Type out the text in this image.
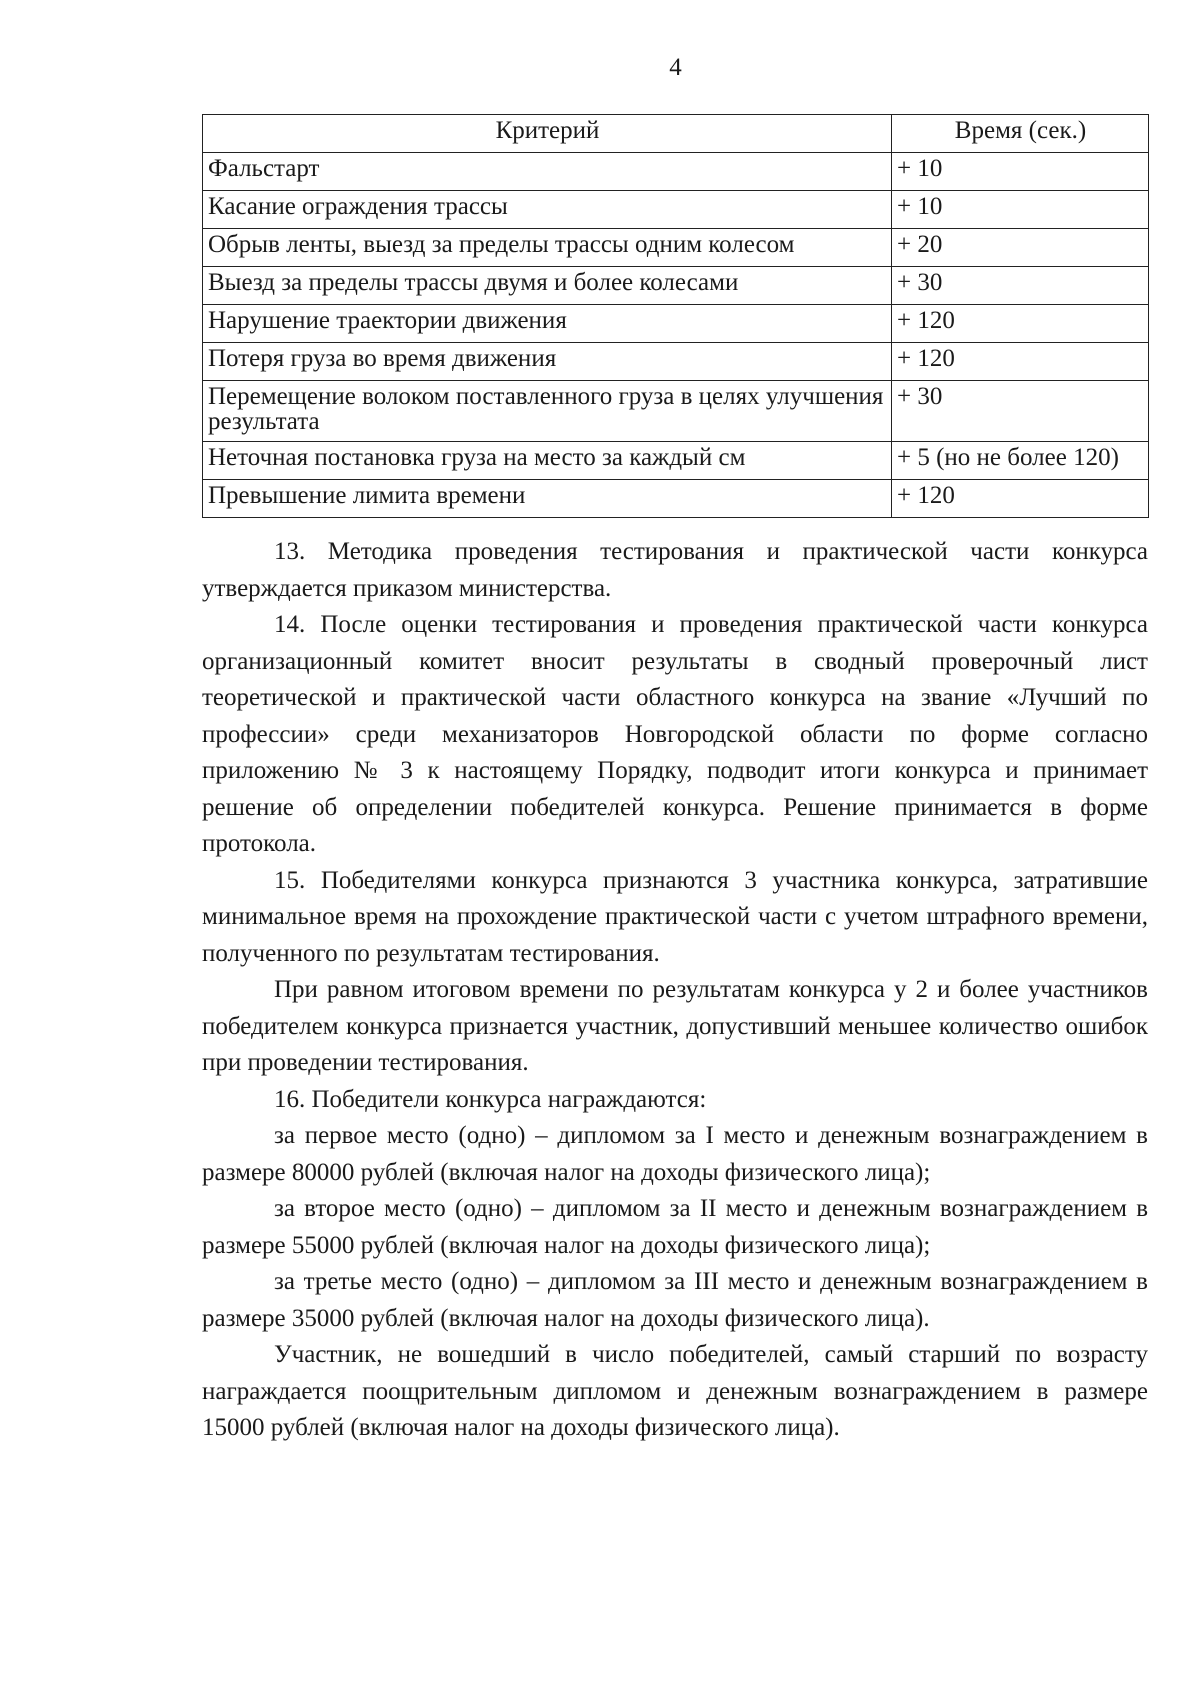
4
Критерий	Время (сек.)
Фальстарт	+ 10
Касание ограждения трассы	+ 10
Обрыв ленты, выезд за пределы трассы одним колесом	+ 20
Выезд за пределы трассы двумя и более колесами	+ 30
Нарушение траектории движения	+ 120
Потеря груза во время движения	+ 120
Перемещение волоком поставленного груза в целях улучшения результата	+ 30
Неточная постановка груза на место за каждый см	+ 5 (но не более 120)
Превышение лимита времени	+ 120

13. Методика проведения тестирования и практической части конкурса утверждается приказом министерства.

14. После оценки тестирования и проведения практической части конкурса организационный комитет вносит результаты в сводный проверочный лист теоретической и практической части областного конкурса на звание «Лучший по профессии» среди механизаторов Новгородской области по форме согласно приложению № 3 к настоящему Порядку, подводит итоги конкурса и принимает решение об определении победителей конкурса. Решение принимается в форме протокола.

15. Победителями конкурса признаются 3 участника конкурса, затратившие минимальное время на прохождение практической части с учетом штрафного времени, полученного по результатам тестирования.

При равном итоговом времени по результатам конкурса у 2 и более участников победителем конкурса признается участник, допустивший меньшее количество ошибок при проведении тестирования.

16. Победители конкурса награждаются:

за первое место (одно) – дипломом за I место и денежным вознаграждением в размере 80000 рублей (включая налог на доходы физического лица);

за второе место (одно) – дипломом за II место и денежным вознаграждением в размере 55000 рублей (включая налог на доходы физического лица);

за третье место (одно) – дипломом за III место и денежным вознаграждением в размере 35000 рублей (включая налог на доходы физического лица).

Участник, не вошедший в число победителей, самый старший по возрасту награждается поощрительным дипломом и денежным вознаграждением в размере 15000 рублей (включая налог на доходы физического лица).
